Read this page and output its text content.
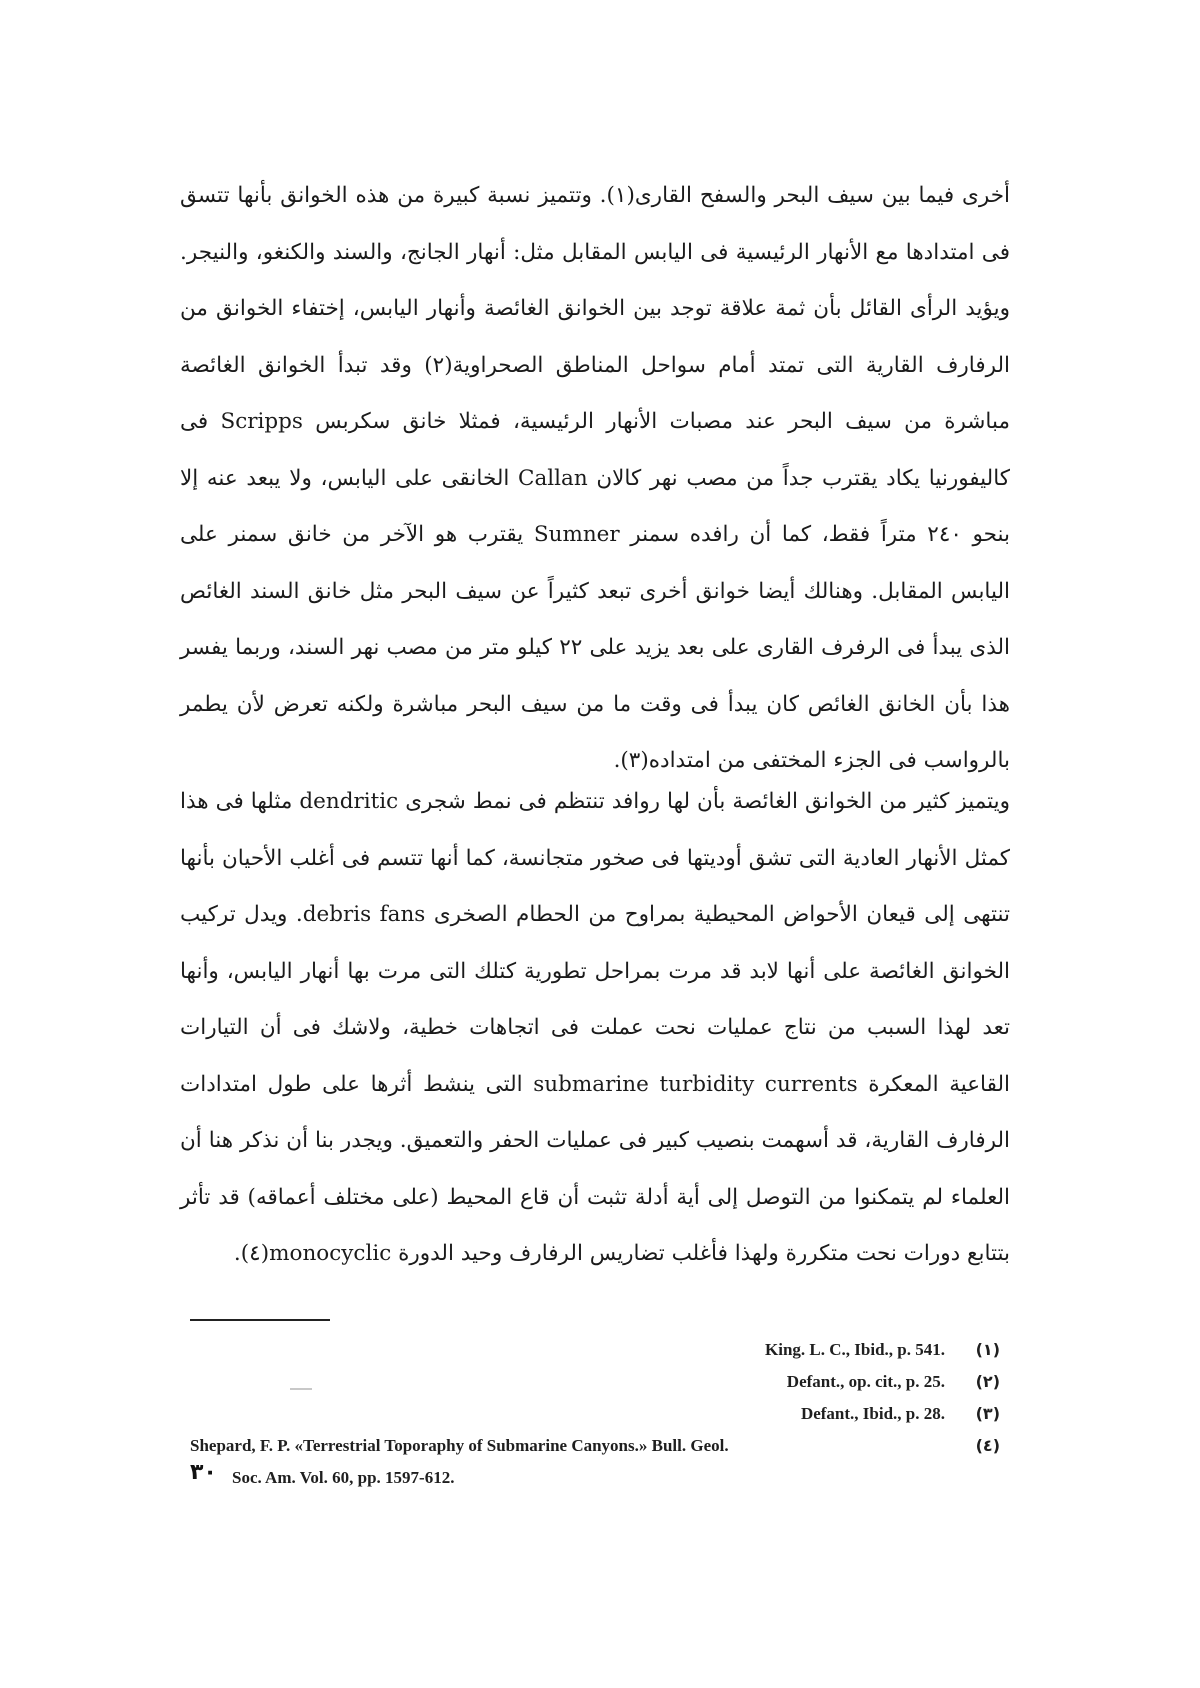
أخرى فيما بين سيف البحر والسفح القارى(١). وتتميز نسبة كبيرة من هذه الخوانق بأنها تتسق فى امتدادها مع الأنهار الرئيسية فى اليابس المقابل مثل: أنهار الجانج، والسند والكنغو، والنيجر. ويؤيد الرأى القائل بأن ثمة علاقة توجد بين الخوانق الغائصة وأنهار اليابس، إختفاء الخوانق من الرفارف القارية التى تمتد أمام سواحل المناطق الصحراوية(٢) وقد تبدأ الخوانق الغائصة مباشرة من سيف البحر عند مصبات الأنهار الرئيسية، فمثلا خانق سكربس Scripps فى كاليفورنيا يكاد يقترب جداً من مصب نهر كالان Callan الخانقى على اليابس، ولا يبعد عنه إلا بنحو ٢٤٠ متراً فقط، كما أن رافده سمنر Sumner يقترب هو الآخر من خانق سمنر على اليابس المقابل. وهنالك أيضا خوانق أخرى تبعد كثيراً عن سيف البحر مثل خانق السند الغائص الذى يبدأ فى الرفرف القارى على بعد يزيد على ٢٢ كيلو متر من مصب نهر السند، وربما يفسر هذا بأن الخانق الغائص كان يبدأ فى وقت ما من سيف البحر مباشرة ولكنه تعرض لأن يطمر بالرواسب فى الجزء المختفى من امتداده(٣).

ويتميز كثير من الخوانق الغائصة بأن لها روافد تنتظم فى نمط شجرى dendritic مثلها فى هذا كمثل الأنهار العادية التى تشق أوديتها فى صخور متجانسة، كما أنها تتسم فى أغلب الأحيان بأنها تنتهى إلى قيعان الأحواض المحيطية بمراوح من الحطام الصخرى debris fans. ويدل تركيب الخوانق الغائصة على أنها لابد قد مرت بمراحل تطورية كتلك التى مرت بها أنهار اليابس، وأنها تعد لهذا السبب من نتاج عمليات نحت عملت فى اتجاهات خطية، ولاشك فى أن التيارات القاعية المعكرة submarine turbidity currents التى ينشط أثرها على طول امتدادات الرفارف القارية، قد أسهمت بنصيب كبير فى عمليات الحفر والتعميق. ويجدر بنا أن نذكر هنا أن العلماء لم يتمكنوا من التوصل إلى أية أدلة تثبت أن قاع المحيط (على مختلف أعماقه) قد تأثر بتتابع دورات نحت متكررة ولهذا فأغلب تضاريس الرفارف وحيد الدورة monocyclic(٤).

(١)
King. L. C., Ibid., p. 541.
(٢)
Defant., op. cit., p. 25.
(٣)
Defant., Ibid., p. 28.
(٤)
Shepard, F. P. «Terrestrial Toporaphy of Submarine Canyons.» Bull. Geol.
Soc. Am. Vol. 60, pp. 1597-612.
٣٠
